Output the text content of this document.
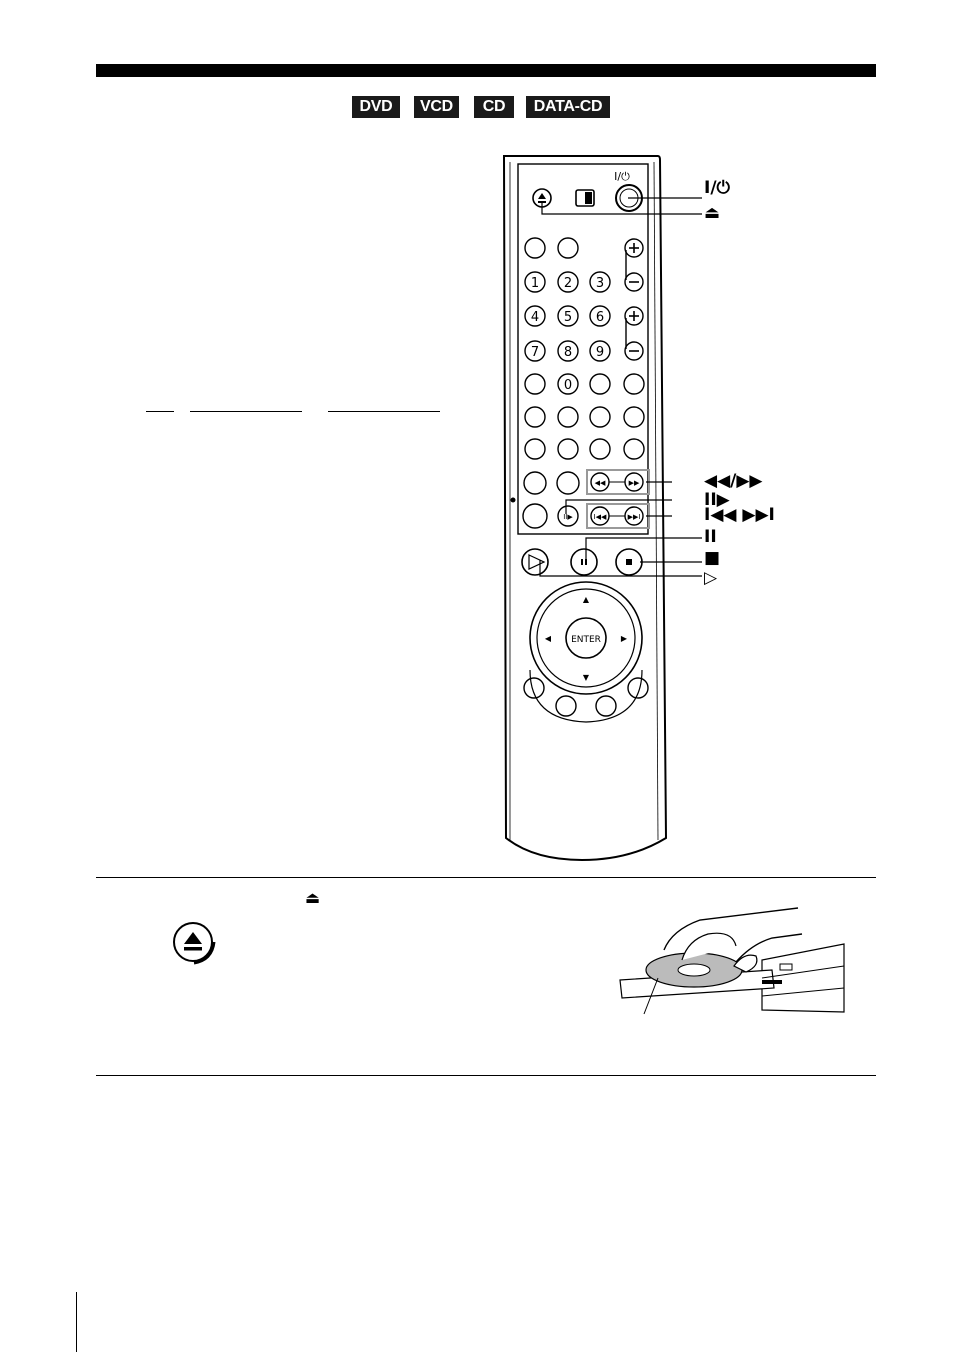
DVD	VCD	CD	DATA-CD
I/⏻
1 2 3
4 5 6
7 8 9
0
◀◀	▶▶
I◀◀	▶▶I
II▶
ENTER
▲
▼
◀	▶
I/⏻
⏏
◀◀/▶▶
II▶
I◀◀ ▶▶I
II
■
▷
⏏
